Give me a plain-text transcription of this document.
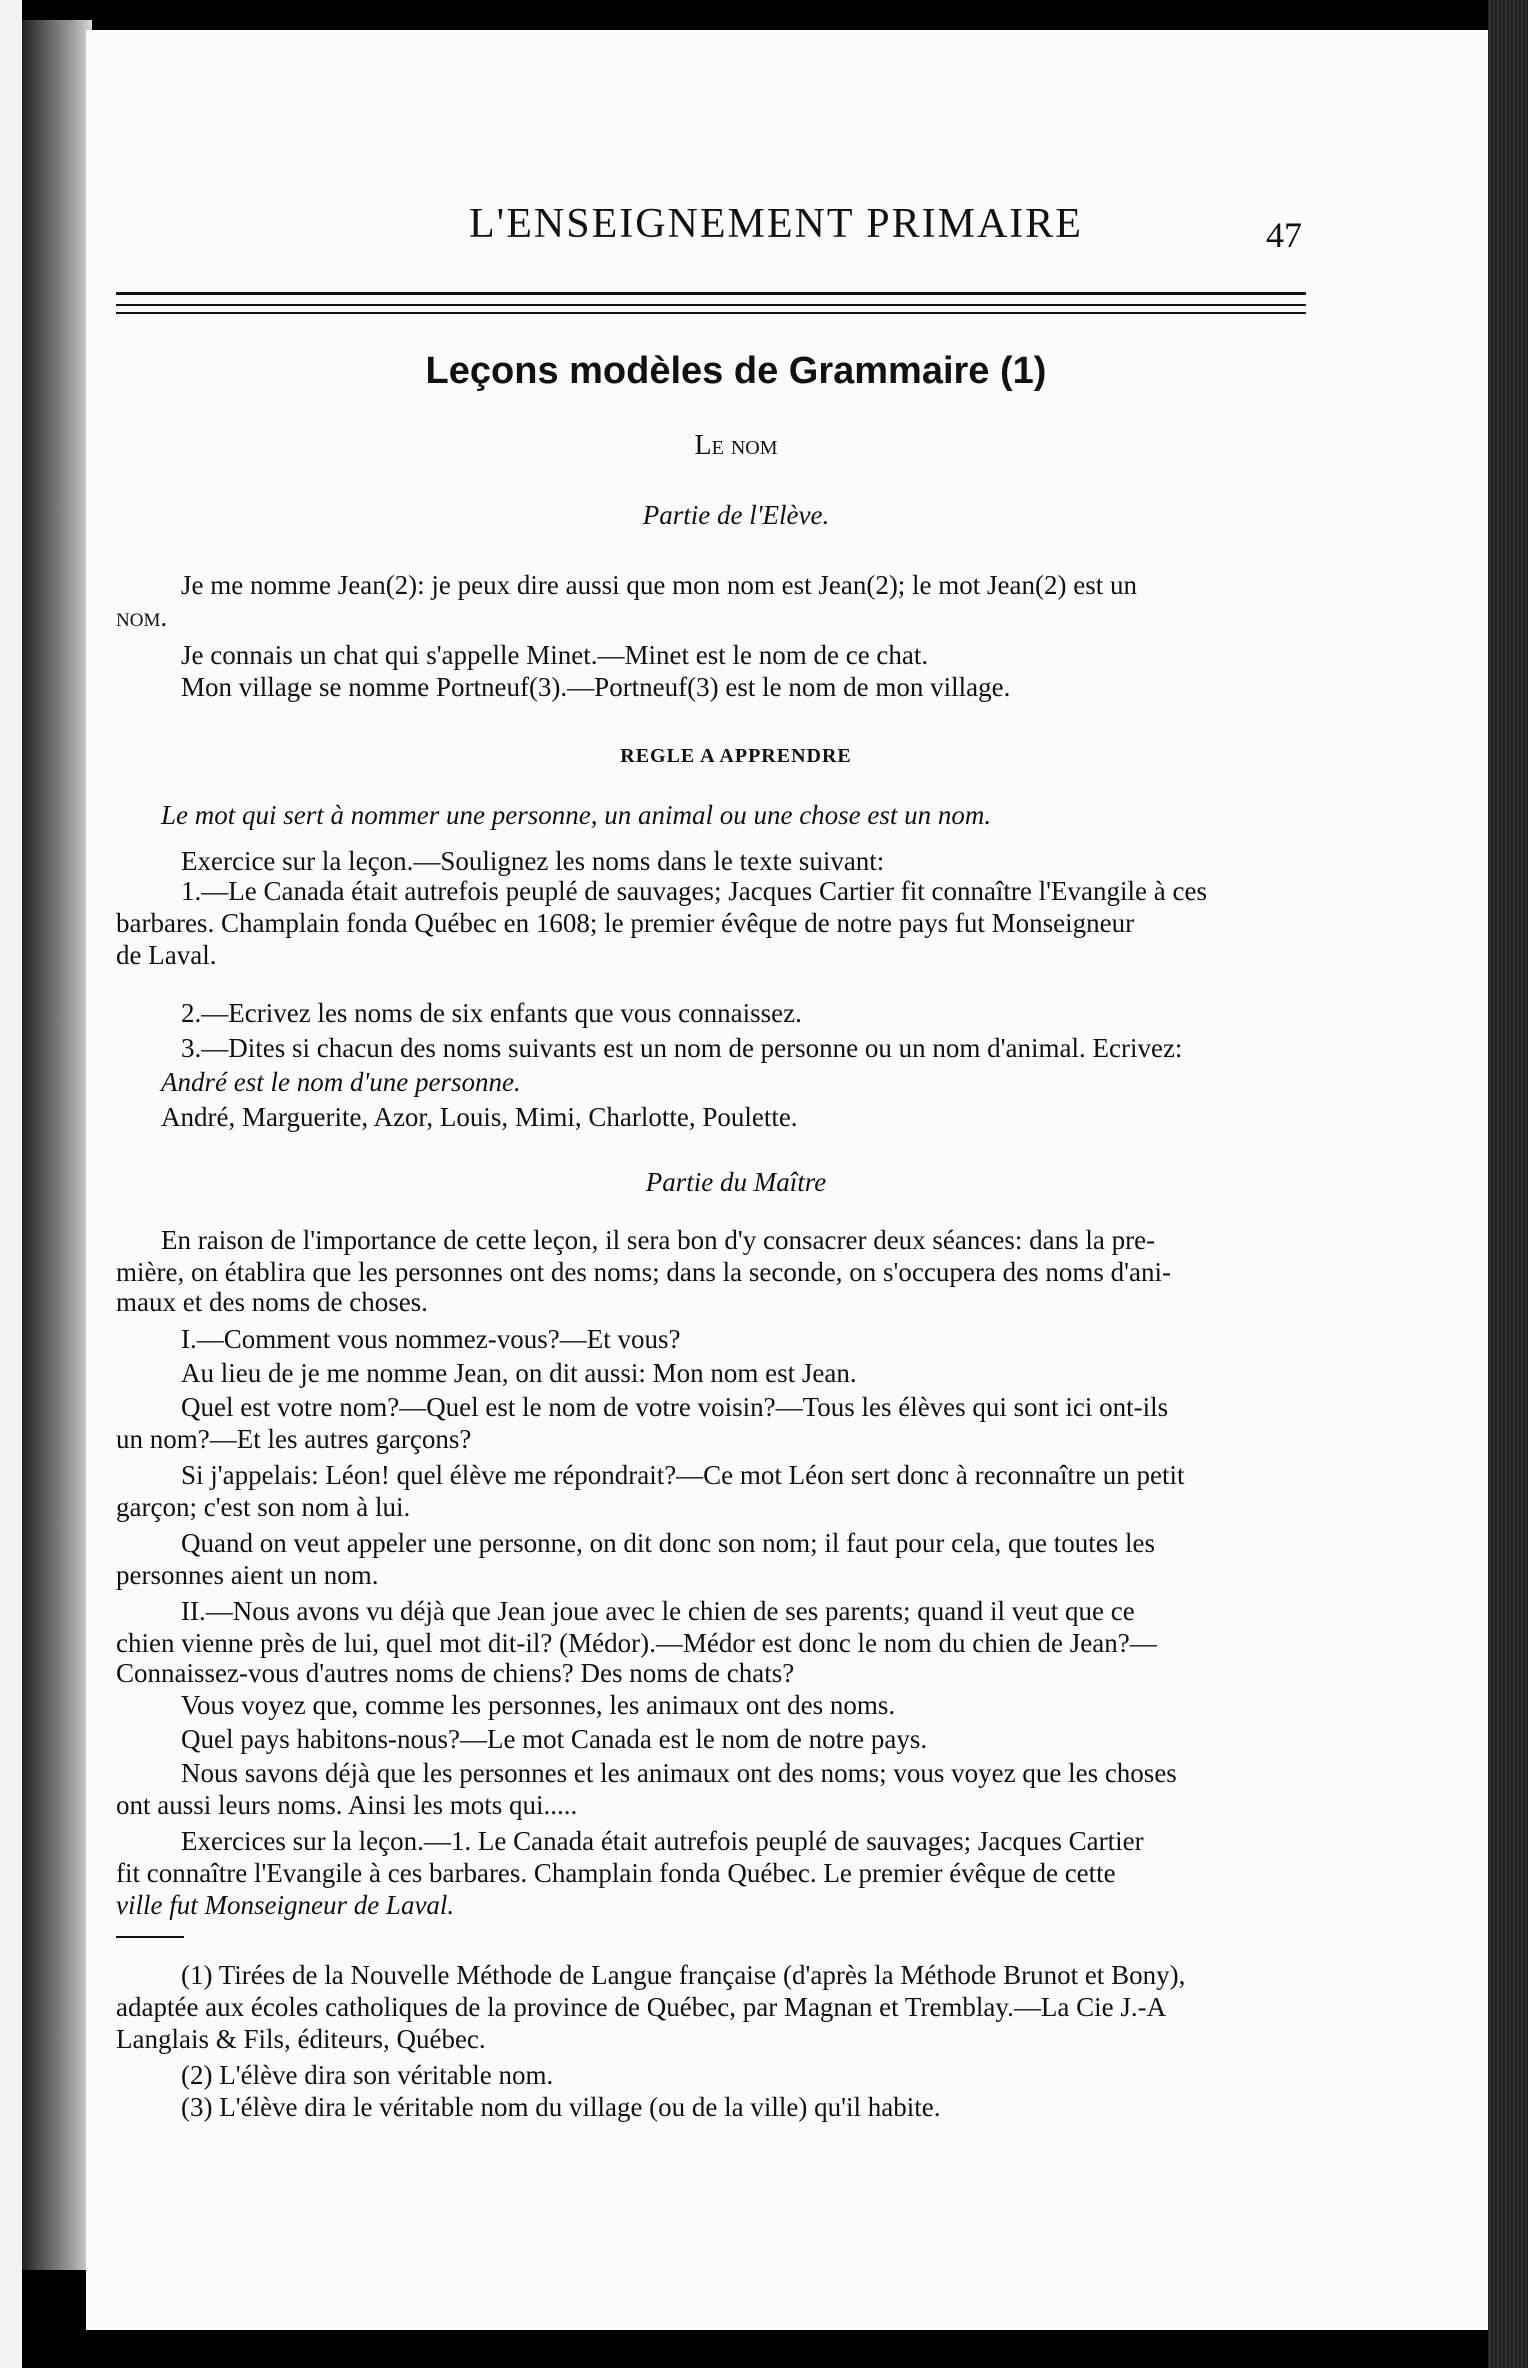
L'ENSEIGNEMENT PRIMAIRE	47
Leçons modèles de Grammaire (1)
Le nom
Partie de l'Elève.
Je me nomme Jean(2): je peux dire aussi que mon nom est Jean(2); le mot Jean(2) est un
nom.
Je connais un chat qui s'appelle Minet.—Minet est le nom de ce chat.
Mon village se nomme Portneuf(3).—Portneuf(3) est le nom de mon village.
REGLE A APPRENDRE
Le mot qui sert à nommer une personne, un animal ou une chose est un nom.
Exercice sur la leçon.—Soulignez les noms dans le texte suivant:
1.—Le Canada était autrefois peuplé de sauvages; Jacques Cartier fit connaître l'Evangile à ces
barbares. Champlain fonda Québec en 1608; le premier évêque de notre pays fut Monseigneur
de Laval.
2.—Ecrivez les noms de six enfants que vous connaissez.
3.—Dites si chacun des noms suivants est un nom de personne ou un nom d'animal. Ecrivez:
André est le nom d'une personne.
André, Marguerite, Azor, Louis, Mimi, Charlotte, Poulette.
Partie du Maître
En raison de l'importance de cette leçon, il sera bon d'y consacrer deux séances: dans la pre-
mière, on établira que les personnes ont des noms; dans la seconde, on s'occupera des noms d'ani-
maux et des noms de choses.
I.—Comment vous nommez-vous?—Et vous?
Au lieu de je me nomme Jean, on dit aussi: Mon nom est Jean.
Quel est votre nom?—Quel est le nom de votre voisin?—Tous les élèves qui sont ici ont-ils
un nom?—Et les autres garçons?
Si j'appelais: Léon! quel élève me répondrait?—Ce mot Léon sert donc à reconnaître un petit
garçon; c'est son nom à lui.
Quand on veut appeler une personne, on dit donc son nom; il faut pour cela, que toutes les
personnes aient un nom.
II.—Nous avons vu déjà que Jean joue avec le chien de ses parents; quand il veut que ce
chien vienne près de lui, quel mot dit-il? (Médor).—Médor est donc le nom du chien de Jean?—
Connaissez-vous d'autres noms de chiens? Des noms de chats?
Vous voyez que, comme les personnes, les animaux ont des noms.
Quel pays habitons-nous?—Le mot Canada est le nom de notre pays.
Nous savons déjà que les personnes et les animaux ont des noms; vous voyez que les choses
ont aussi leurs noms. Ainsi les mots qui.....
Exercices sur la leçon.—1. Le Canada était autrefois peuplé de sauvages; Jacques Cartier
fit connaître l'Evangile à ces barbares. Champlain fonda Québec. Le premier évêque de cette
ville fut Monseigneur de Laval.
(1) Tirées de la Nouvelle Méthode de Langue française (d'après la Méthode Brunot et Bony),
adaptée aux écoles catholiques de la province de Québec, par Magnan et Tremblay.—La Cie J.-A
Langlais & Fils, éditeurs, Québec.
(2) L'élève dira son véritable nom.
(3) L'élève dira le véritable nom du village (ou de la ville) qu'il habite.
